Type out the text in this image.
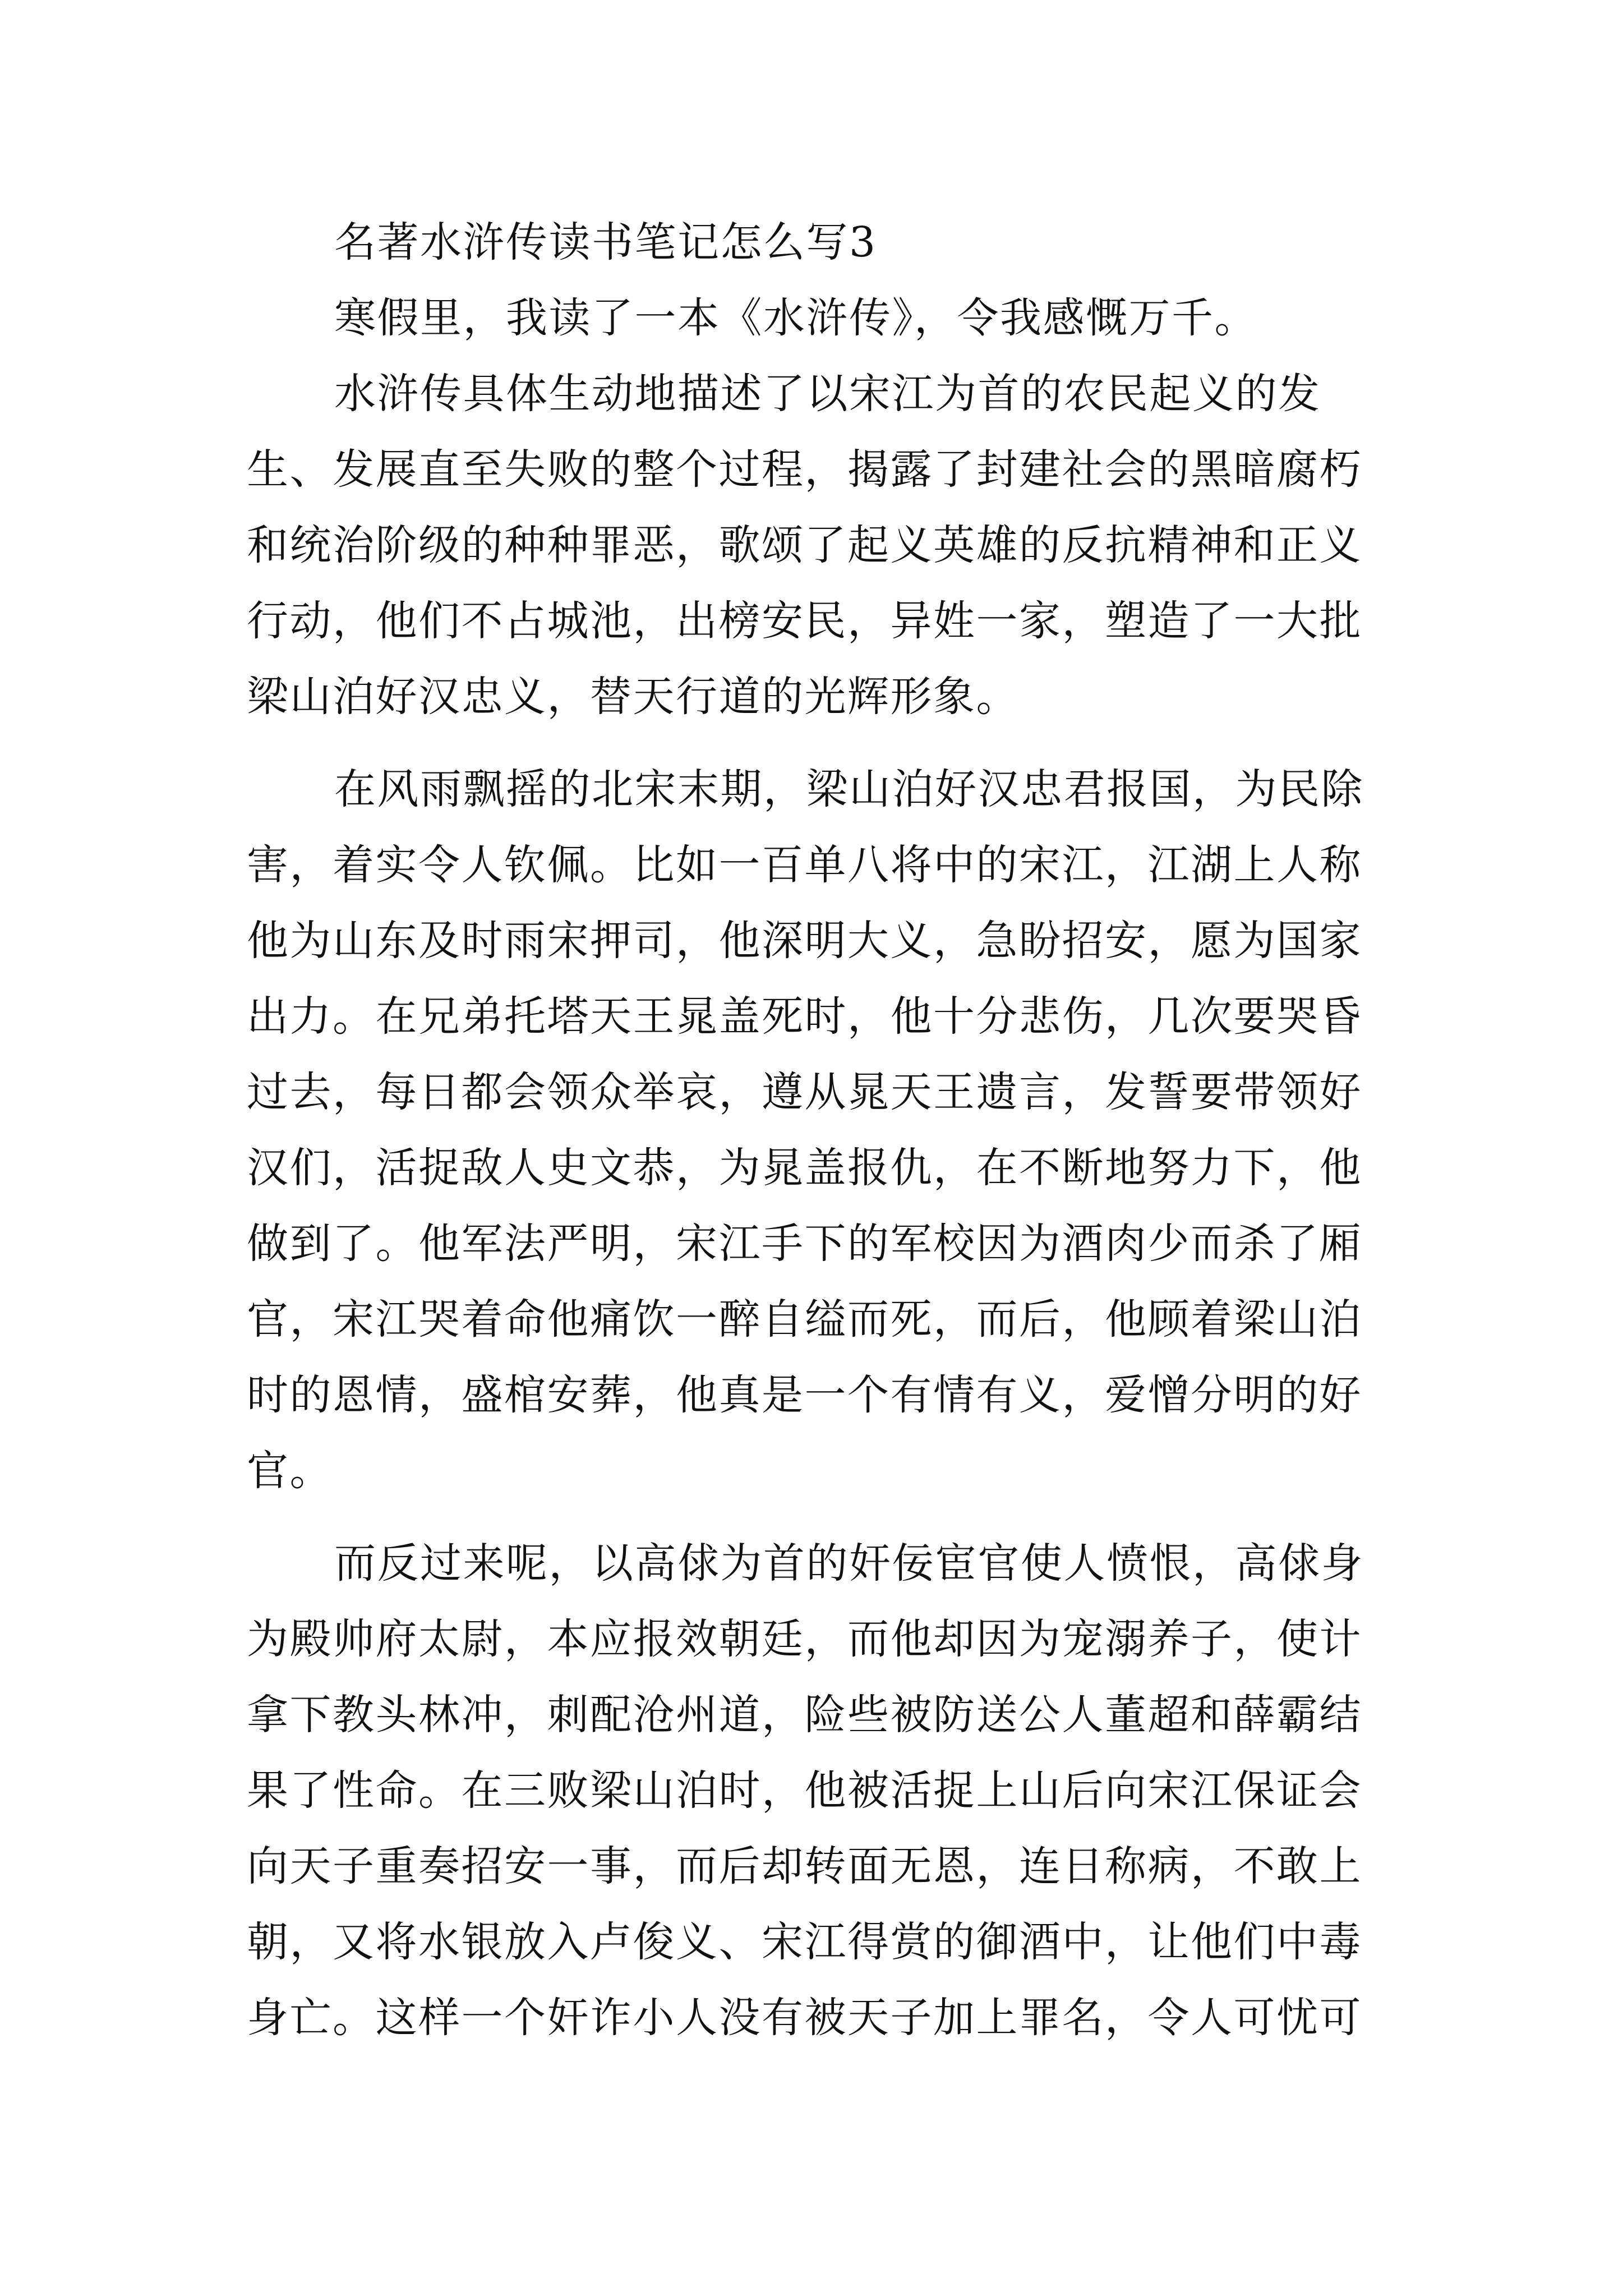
名著水浒传读书笔记怎么写3
寒假里，我读了一本《水浒传》，令我感慨万千。
水浒传具体生动地描述了以宋江为首的农民起义的发
生、发展直至失败的整个过程，揭露了封建社会的黑暗腐朽
和统治阶级的种种罪恶，歌颂了起义英雄的反抗精神和正义
行动，他们不占城池，出榜安民，异姓一家，塑造了一大批
梁山泊好汉忠义，替天行道的光辉形象。
在风雨飘摇的北宋末期，梁山泊好汉忠君报国，为民除
害，着实令人钦佩。比如一百单八将中的宋江，江湖上人称
他为山东及时雨宋押司，他深明大义，急盼招安，愿为国家
出力。在兄弟托塔天王晁盖死时，他十分悲伤，几次要哭昏
过去，每日都会领众举哀，遵从晁天王遗言，发誓要带领好
汉们，活捉敌人史文恭，为晁盖报仇，在不断地努力下，他
做到了。他军法严明，宋江手下的军校因为酒肉少而杀了厢
官，宋江哭着命他痛饮一醉自缢而死，而后，他顾着梁山泊
时的恩情，盛棺安葬，他真是一个有情有义，爱憎分明的好
官。
而反过来呢，以高俅为首的奸佞宦官使人愤恨，高俅身
为殿帅府太尉，本应报效朝廷，而他却因为宠溺养子，使计
拿下教头林冲，刺配沧州道，险些被防送公人董超和薛霸结
果了性命。在三败梁山泊时，他被活捉上山后向宋江保证会
向天子重奏招安一事，而后却转面无恩，连日称病，不敢上
朝，又将水银放入卢俊义、宋江得赏的御酒中，让他们中毒
身亡。这样一个奸诈小人没有被天子加上罪名，令人可忧可
